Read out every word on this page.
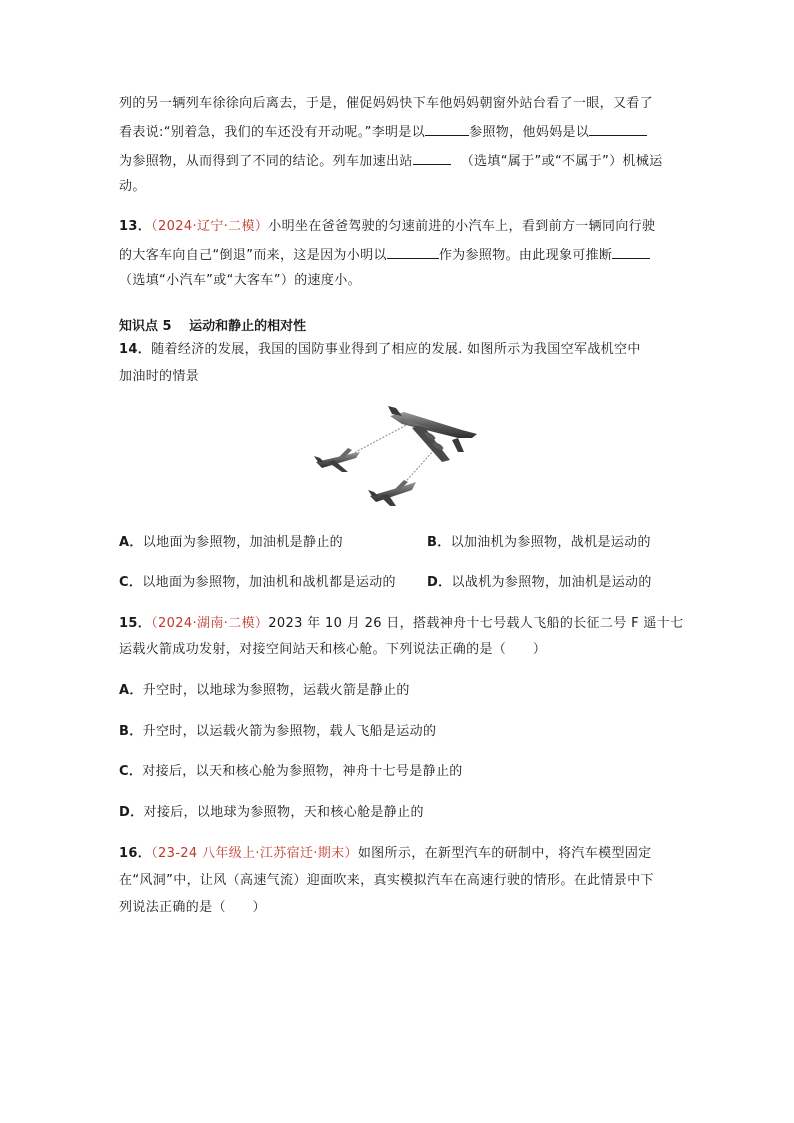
列的另一辆列车徐徐向后离去，于是，催促妈妈快下车他妈妈朝窗外站台看了一眼，又看了
看表说:“别着急，我们的车还没有开动呢。”李明是以	参照物，他妈妈是以
为参照物，从而得到了不同的结论。列车加速出站	（选填“属于”或“不属于”）机械运
动。
13．（2024·辽宁·二模）小明坐在爸爸驾驶的匀速前进的小汽车上，看到前方一辆同向行驶
的大客车向自己“倒退”而来，这是因为小明以	作为参照物。由此现象可推断
（选填“小汽车”或“大客车”）的速度小。
知识点 5　 运动和静止的相对性
14．随着经济的发展，我国的国防事业得到了相应的发展. 如图所示为我国空军战机空中
加油时的情景
A．以地面为参照物，加油机是静止的	B．以加油机为参照物，战机是运动的
C．以地面为参照物，加油机和战机都是运动的 D．以战机为参照物，加油机是运动的
15．（2024·湖南·二模）2023 年 10 月 26 日，搭载神舟十七号载人飞船的长征二号 F 遥十七
运载火箭成功发射，对接空间站天和核心舱。下列说法正确的是（　　）
A．升空时，以地球为参照物，运载火箭是静止的
B．升空时，以运载火箭为参照物，载人飞船是运动的
C．对接后，以天和核心舱为参照物，神舟十七号是静止的
D．对接后，以地球为参照物，天和核心舱是静止的
16．（23-24 八年级上·江苏宿迁·期末）如图所示，在新型汽车的研制中，将汽车模型固定
在“风洞”中，让风（高速气流）迎面吹来，真实模拟汽车在高速行驶的情形。在此情景中下
列说法正确的是（　　）
